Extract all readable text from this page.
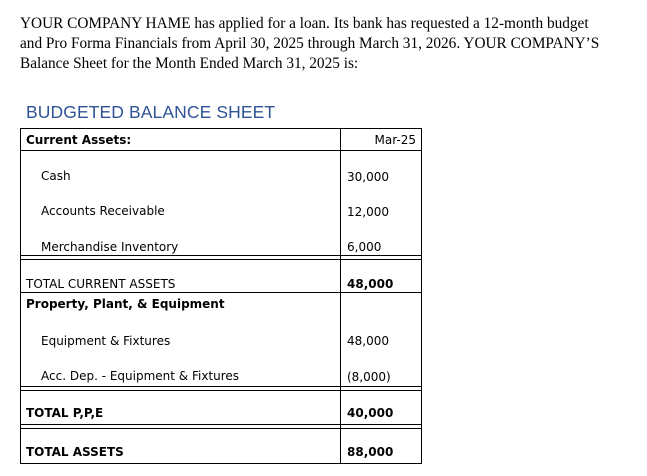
YOUR COMPANY HAME has applied for a loan. Its bank has requested a 12-month budget
and Pro Forma Financials from April 30, 2025 through March 31, 2026. YOUR COMPANY’S
Balance Sheet for the Month Ended March 31, 2025 is:
BUDGETED BALANCE SHEET
Current Assets:	Mar-25
Cash	30,000
Accounts Receivable	12,000
Merchandise Inventory	6,000
TOTAL CURRENT ASSETS	48,000
Property, Plant, & Equipment
Equipment & Fixtures	48,000
Acc. Dep. - Equipment & Fixtures	(8,000)
TOTAL P,P,E	40,000
TOTAL ASSETS	88,000
